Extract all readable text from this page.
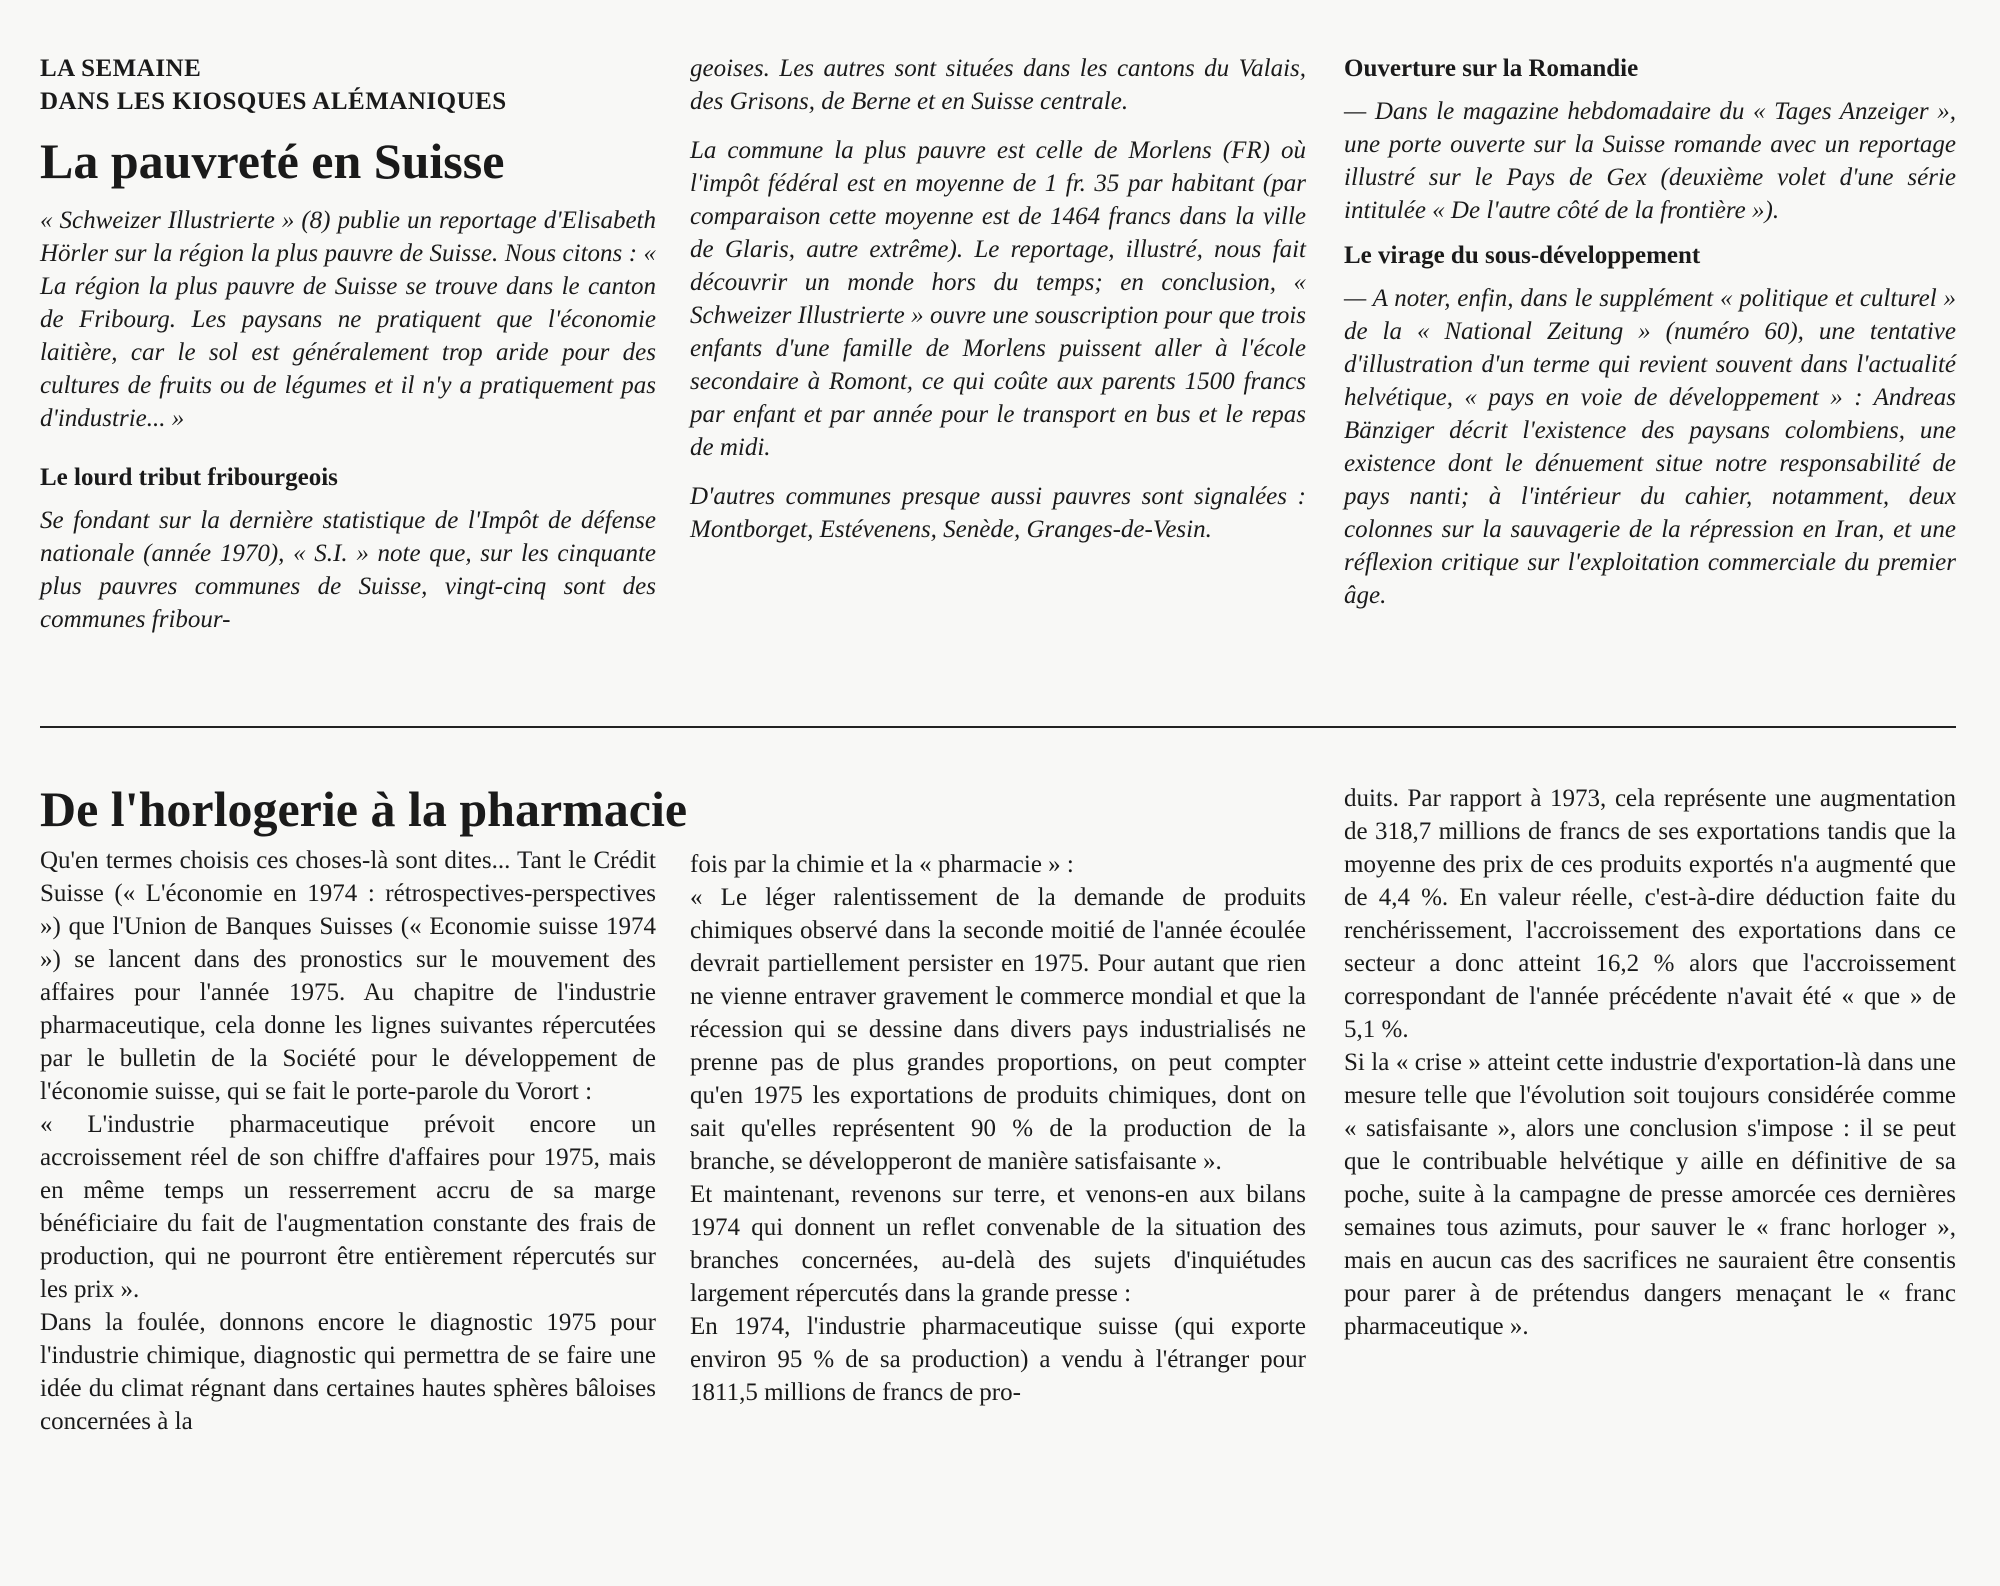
LA SEMAINE

DANS LES KIOSQUES ALÉMANIQUES

La pauvreté en Suisse

« Schweizer Illustrierte » (8) publie un reportage d'Elisabeth Hörler sur la région la plus pauvre de Suisse. Nous citons : « La région la plus pauvre de Suisse se trouve dans le canton de Fribourg. Les paysans ne pratiquent que l'économie laitière, car le sol est généralement trop aride pour des cultures de fruits ou de légumes et il n'y a pratiquement pas d'industrie... »

Le lourd tribut fribourgeois

Se fondant sur la dernière statistique de l'Impôt de défense nationale (année 1970), « S.I. » note que, sur les cinquante plus pauvres communes de Suisse, vingt-cinq sont des communes fribour-

geoises. Les autres sont situées dans les cantons du Valais, des Grisons, de Berne et en Suisse centrale.

La commune la plus pauvre est celle de Morlens (FR) où l'impôt fédéral est en moyenne de 1 fr. 35 par habitant (par comparaison cette moyenne est de 1464 francs dans la ville de Glaris, autre extrême). Le reportage, illustré, nous fait découvrir un monde hors du temps; en conclusion, « Schweizer Illustrierte » ouvre une souscription pour que trois enfants d'une famille de Morlens puissent aller à l'école secondaire à Romont, ce qui coûte aux parents 1500 francs par enfant et par année pour le transport en bus et le repas de midi.

D'autres communes presque aussi pauvres sont signalées : Montborget, Estévenens, Senède, Granges-de-Vesin.

Ouverture sur la Romandie

— Dans le magazine hebdomadaire du « Tages Anzeiger », une porte ouverte sur la Suisse romande avec un reportage illustré sur le Pays de Gex (deuxième volet d'une série intitulée « De l'autre côté de la frontière »).

Le virage du sous-développement

— A noter, enfin, dans le supplément « politique et culturel » de la « National Zeitung » (numéro 60), une tentative d'illustration d'un terme qui revient souvent dans l'actualité helvétique, « pays en voie de développement » : Andreas Bänziger décrit l'existence des paysans colombiens, une existence dont le dénuement situe notre responsabilité de pays nanti; à l'intérieur du cahier, notamment, deux colonnes sur la sauvagerie de la répression en Iran, et une réflexion critique sur l'exploitation commerciale du premier âge.

De l'horlogerie à la pharmacie

Qu'en termes choisis ces choses-là sont dites... Tant le Crédit Suisse (« L'économie en 1974 : rétrospectives-perspectives ») que l'Union de Banques Suisses (« Economie suisse 1974 ») se lancent dans des pronostics sur le mouvement des affaires pour l'année 1975. Au chapitre de l'industrie pharmaceutique, cela donne les lignes suivantes répercutées par le bulletin de la Société pour le développement de l'économie suisse, qui se fait le porte-parole du Vorort :

« L'industrie pharmaceutique prévoit encore un accroissement réel de son chiffre d'affaires pour 1975, mais en même temps un resserrement accru de sa marge bénéficiaire du fait de l'augmentation constante des frais de production, qui ne pourront être entièrement répercutés sur les prix ».

Dans la foulée, donnons encore le diagnostic 1975 pour l'industrie chimique, diagnostic qui permettra de se faire une idée du climat régnant dans certaines hautes sphères bâloises concernées à la

fois par la chimie et la « pharmacie » :

« Le léger ralentissement de la demande de produits chimiques observé dans la seconde moitié de l'année écoulée devrait partiellement persister en 1975. Pour autant que rien ne vienne entraver gravement le commerce mondial et que la récession qui se dessine dans divers pays industrialisés ne prenne pas de plus grandes proportions, on peut compter qu'en 1975 les exportations de produits chimiques, dont on sait qu'elles représentent 90 % de la production de la branche, se développeront de manière satisfaisante ».

Et maintenant, revenons sur terre, et venons-en aux bilans 1974 qui donnent un reflet convenable de la situation des branches concernées, au-delà des sujets d'inquiétudes largement répercutés dans la grande presse :

En 1974, l'industrie pharmaceutique suisse (qui exporte environ 95 % de sa production) a vendu à l'étranger pour 1811,5 millions de francs de pro-

duits. Par rapport à 1973, cela représente une augmentation de 318,7 millions de francs de ses exportations tandis que la moyenne des prix de ces produits exportés n'a augmenté que de 4,4 %. En valeur réelle, c'est-à-dire déduction faite du renchérissement, l'accroissement des exportations dans ce secteur a donc atteint 16,2 % alors que l'accroissement correspondant de l'année précédente n'avait été « que » de 5,1 %.

Si la « crise » atteint cette industrie d'exportation-là dans une mesure telle que l'évolution soit toujours considérée comme « satisfaisante », alors une conclusion s'impose : il se peut que le contribuable helvétique y aille en définitive de sa poche, suite à la campagne de presse amorcée ces dernières semaines tous azimuts, pour sauver le « franc horloger », mais en aucun cas des sacrifices ne sauraient être consentis pour parer à de prétendus dangers menaçant le « franc pharmaceutique ».
